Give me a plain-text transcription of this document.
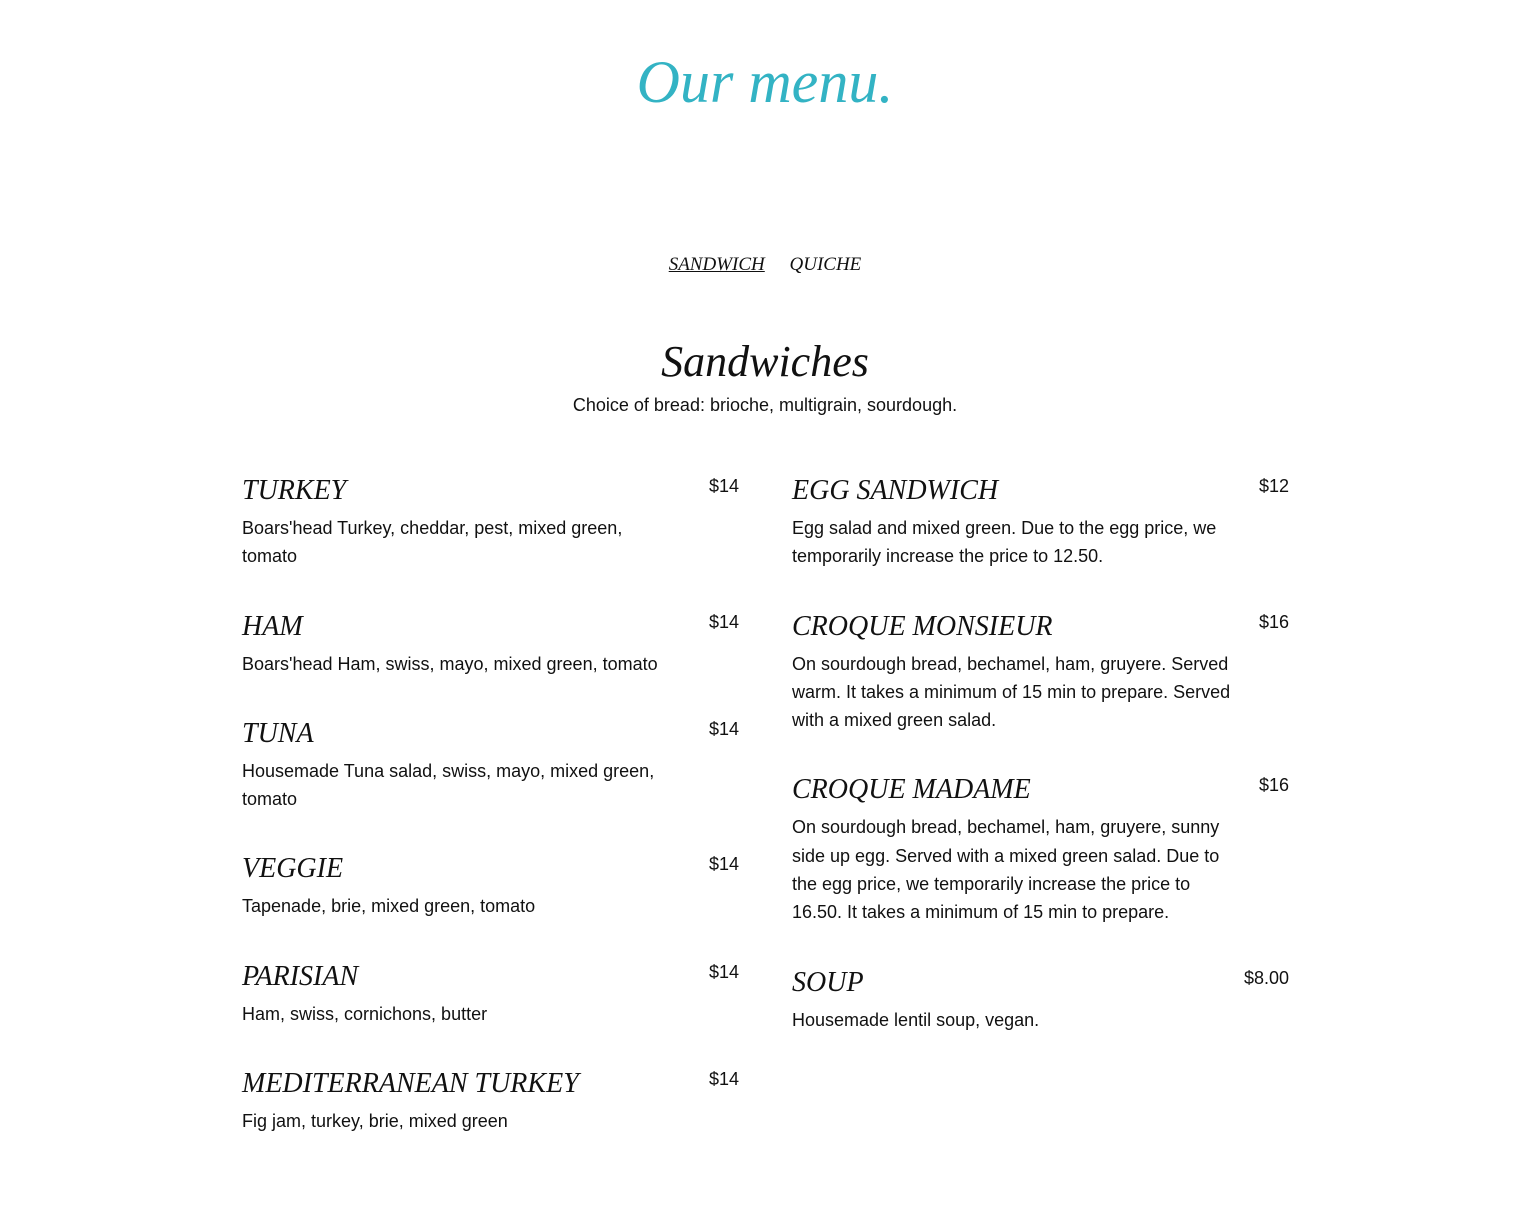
Our menu.
SANDWICH QUICHE
Sandwiches

Choice of bread: brioche, multigrain, sourdough.

TURKEY	$14

Boars'head Turkey, cheddar, pest, mixed green, tomato

HAM	$14

Boars'head Ham, swiss, mayo, mixed green, tomato

TUNA	$14

Housemade Tuna salad, swiss, mayo, mixed green, tomato

VEGGIE	$14

Tapenade, brie, mixed green, tomato

PARISIAN	$14

Ham, swiss, cornichons, butter

MEDITERRANEAN TURKEY	$14

Fig jam, turkey, brie, mixed green

EGG SANDWICH	$12

Egg salad and mixed green. Due to the egg price, we temporarily increase the price to 12.50.

CROQUE MONSIEUR	$16

On sourdough bread, bechamel, ham, gruyere. Served warm. It takes a minimum of 15 min to prepare. Served with a mixed green salad.

CROQUE MADAME	$16

On sourdough bread, bechamel, ham, gruyere, sunny side up egg. Served with a mixed green salad. Due to the egg price, we temporarily increase the price to 16.50. It takes a minimum of 15 min to prepare.

SOUP	$8.00

Housemade lentil soup, vegan.
